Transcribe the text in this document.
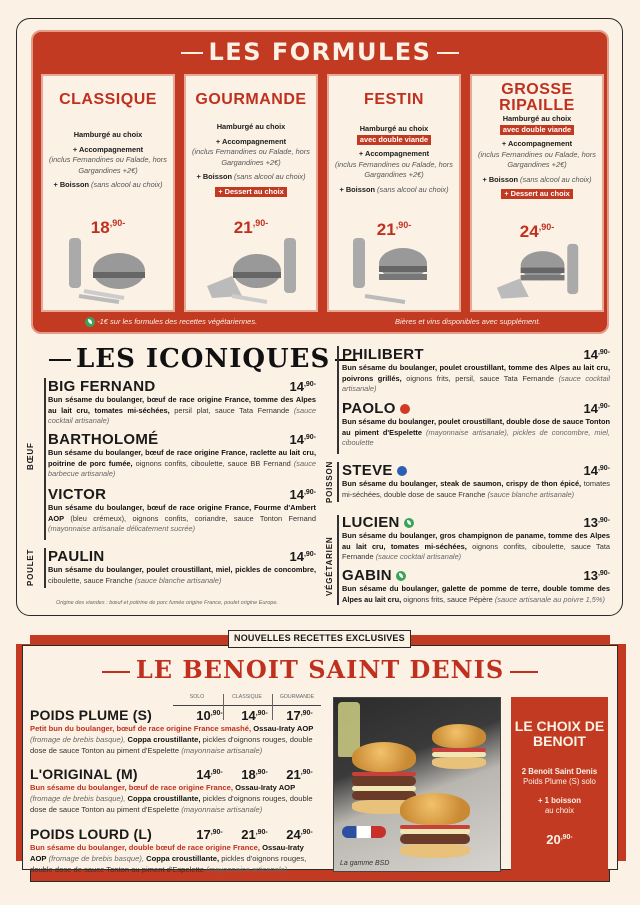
LES FORMULES
CLASSIQUE
Hamburgé au choix
+ Accompagnement
(inclus Fernandines ou Falade, hors Gargandines +2€)
+ Boisson (sans alcool au choix)
$18^{,90-}$
GOURMANDE
Hamburgé au choix
+ Accompagnement
(inclus Fernandines ou Falade, hors Gargandines +2€)
+ Boisson (sans alcool au choix)
+ Dessert au choix
$21^{,90-}$
FESTIN
Hamburgé au choix
avec double viande
+ Accompagnement
(inclus Fernandines ou Falade, hors Gargandines +2€)
+ Boisson (sans alcool au choix)
$21^{,90-}$
GROSSE RIPAILLE
Hamburgé au choix
avec double viande
+ Accompagnement
(inclus Fernandines ou Falade, hors Gargandines +2€)
+ Boisson (sans alcool au choix)
+ Dessert au choix
$24^{,90-}$
-1€ sur les formules des recettes végétariennes.	Bières et vins disponibles avec supplément.
LES ICONIQUES
BŒUF
POULET
BIG FERNAND	$14^{,90-}$
Bun sésame du boulanger, bœuf de race origine France, tomme des Alpes au lait cru, tomates mi-séchées, persil plat, sauce Tata Fernande (sauce cocktail artisanale)
BARTHOLOMÉ	$14^{,90-}$
Bun sésame du boulanger, bœuf de race origine France, raclette au lait cru, poitrine de porc fumée, oignons confits, ciboulette, sauce BB Fernand (sauce barbecue artisanale)
VICTOR	$14^{,90-}$
Bun sésame du boulanger, bœuf de race origine France, Fourme d'Ambert AOP (bleu crémeux), oignons confits, coriandre, sauce Tonton Fernand (mayonnaise artisanale délicatement sucrée)
PAULIN	$14^{,90-}$
Bun sésame du boulanger, poulet croustillant, miel, pickles de concombre, ciboulette, sauce Franche (sauce blanche artisanale)
Origine des viandes : bœuf et poitrine de porc fumée origine France, poulet origine Europe.
POISSON
VÉGÉTARIEN
PHILIBERT	$14^{,90-}$
Bun sésame du boulanger, poulet croustillant, tomme des Alpes au lait cru, poivrons grillés, oignons frits, persil, sauce Tata Fernande (sauce cocktail artisanale)
PAOLO	$14^{,90-}$
Bun sésame du boulanger, poulet croustillant, double dose de sauce Tonton au piment d'Espelette (mayonnaise artisanale), pickles de concombre, miel, ciboulette
STEVE	$14^{,90-}$
Bun sésame du boulanger, steak de saumon, crispy de thon épicé, tomates mi-séchées, double dose de sauce Franche (sauce blanche artisanale)
LUCIEN	$13^{,90-}$
Bun sésame du boulanger, gros champignon de paname, tomme des Alpes au lait cru, tomates mi-séchées, oignons confits, ciboulette, sauce Tata Fernande (sauce cocktail artisanale)
GABIN	$13^{,90-}$
Bun sésame du boulanger, galette de pomme de terre, double tomme des Alpes au lait cru, oignons frits, sauce Pépère (sauce artisanale au poivre 1,5%)
NOUVELLES RECETTES EXCLUSIVES
LE BENOIT SAINT DENIS
SOLO	CLASSIQUE	GOURMANDE
POIDS PLUME (S)	$10^{,90-}$	$14^{,90-}$	$17^{,90-}$
Petit bun du boulanger, bœuf de race origine France smashé, Ossau-Iraty AOP (fromage de brebis basque), Coppa croustillante, pickles d'oignons rouges, double dose de sauce Tonton au piment d'Espelette (mayonnaise artisanale)
L'ORIGINAL (M)	$14^{,90-}$	$18^{,90-}$	$21^{,90-}$
Bun sésame du boulanger, bœuf de race origine France, Ossau-Iraty AOP (fromage de brebis basque), Coppa croustillante, pickles d'oignons rouges, double dose de sauce Tonton au piment d'Espelette (mayonnaise artisanale)
POIDS LOURD (L)	$17^{,90-}$	$21^{,90-}$	$24^{,90-}$
Bun sésame du boulanger, double bœuf de race origine France, Ossau-Iraty AOP (fromage de brebis basque), Coppa croustillante, pickles d'oignons rouges, double dose de sauce Tonton au piment d'Espelette (mayonnaise artisanale)
La gamme BSD
LE CHOIX DE BENOIT
2 Benoit Saint Denis
Poids Plume (S) solo
+ 1 boisson
au choix
$20^{,90-}$
